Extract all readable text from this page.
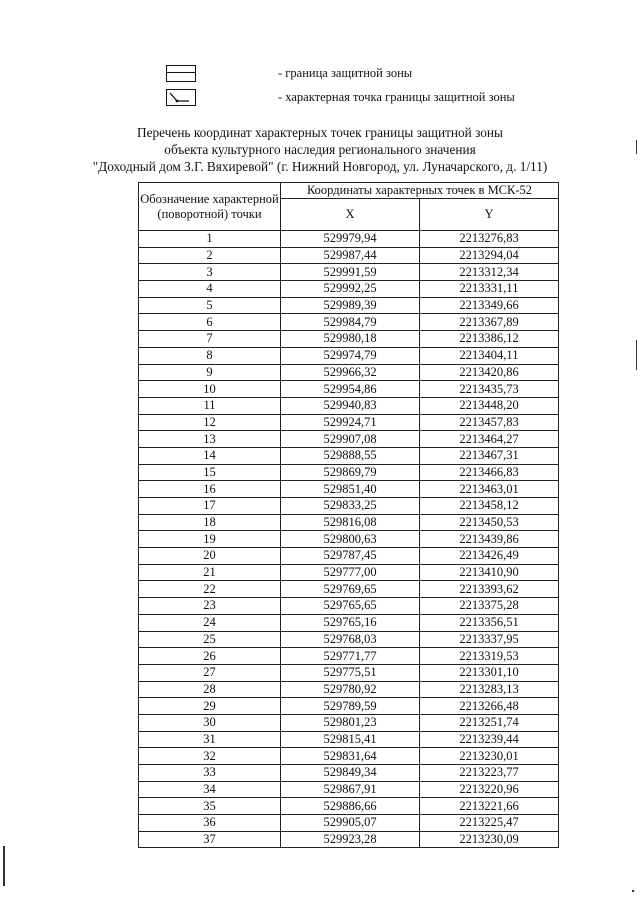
- граница защитной зоны
- характерная точка границы защитной зоны
Перечень координат характерных точек границы защитной зоны
объекта культурного наследия регионального значения
"Доходный дом З.Г. Вяхиревой" (г. Нижний Новгород, ул. Луначарского, д. 1/11)
Обозначение характерной (поворотной) точки	Координаты характерных точек в МСК-52	
	X	Y
1	529979,94	2213276,83
2	529987,44	2213294,04
3	529991,59	2213312,34
4	529992,25	2213331,11
5	529989,39	2213349,66
6	529984,79	2213367,89
7	529980,18	2213386,12
8	529974,79	2213404,11
9	529966,32	2213420,86
10	529954,86	2213435,73
11	529940,83	2213448,20
12	529924,71	2213457,83
13	529907,08	2213464,27
14	529888,55	2213467,31
15	529869,79	2213466,83
16	529851,40	2213463,01
17	529833,25	2213458,12
18	529816,08	2213450,53
19	529800,63	2213439,86
20	529787,45	2213426,49
21	529777,00	2213410,90
22	529769,65	2213393,62
23	529765,65	2213375,28
24	529765,16	2213356,51
25	529768,03	2213337,95
26	529771,77	2213319,53
27	529775,51	2213301,10
28	529780,92	2213283,13
29	529789,59	2213266,48
30	529801,23	2213251,74
31	529815,41	2213239,44
32	529831,64	2213230,01
33	529849,34	2213223,77
34	529867,91	2213220,96
35	529886,66	2213221,66
36	529905,07	2213225,47
37	529923,28	2213230,09
